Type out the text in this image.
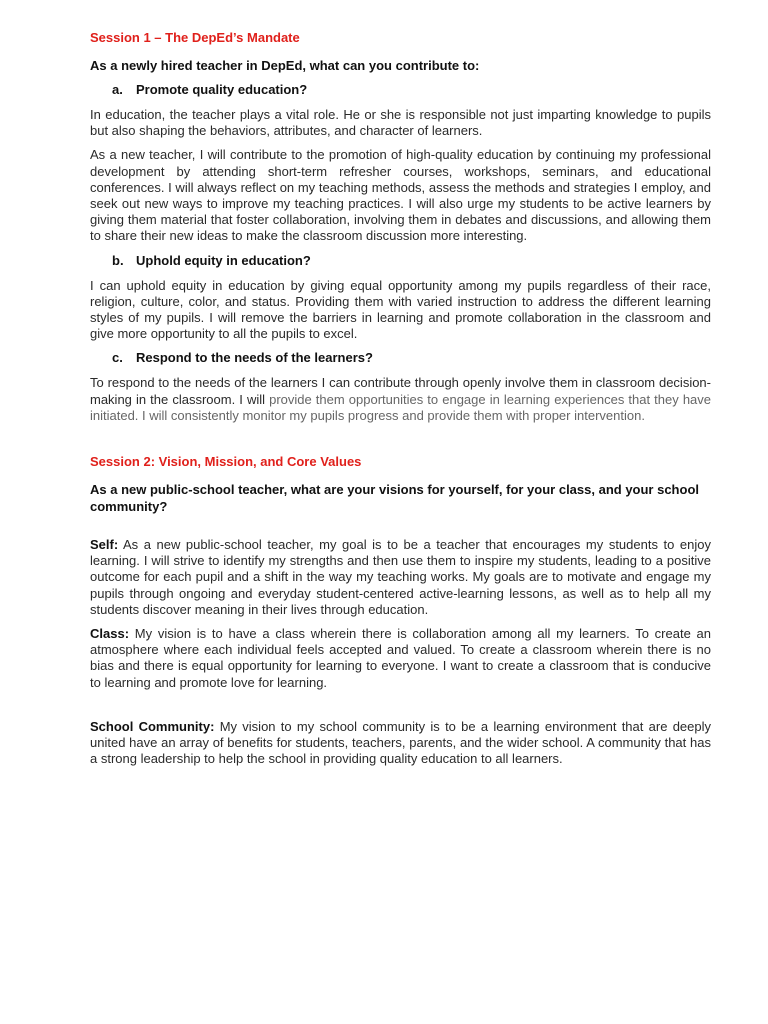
Session 1 – The DepEd’s Mandate
As a newly hired teacher in DepEd, what can you contribute to:
a. Promote quality education?

In education, the teacher plays a vital role. He or she is responsible not just imparting knowledge to pupils but also shaping the behaviors, attributes, and character of learners.

As a new teacher, I will contribute to the promotion of high-quality education by continuing my professional development by attending short-term refresher courses, workshops, seminars, and educational conferences. I will always reflect on my teaching methods, assess the methods and strategies I employ, and seek out new ways to improve my teaching practices. I will also urge my students to be active learners by giving them material that foster collaboration, involving them in debates and discussions, and allowing them to share their new ideas to make the classroom discussion more interesting.

b. Uphold equity in education?

I can uphold equity in education by giving equal opportunity among my pupils regardless of their race, religion, culture, color, and status. Providing them with varied instruction to address the different learning styles of my pupils. I will remove the barriers in learning and promote collaboration in the classroom and give more opportunity to all the pupils to excel.

c. Respond to the needs of the learners?

To respond to the needs of the learners I can contribute through openly involve them in classroom decision-making in the classroom. I will provide them opportunities to engage in learning experiences that they have initiated. I will consistently monitor my pupils progress and provide them with proper intervention.

Session 2: Vision, Mission, and Core Values
As a new public-school teacher, what are your visions for yourself, for your class, and your school community?

Self: As a new public-school teacher, my goal is to be a teacher that encourages my students to enjoy learning. I will strive to identify my strengths and then use them to inspire my students, leading to a positive outcome for each pupil and a shift in the way my teaching works. My goals are to motivate and engage my pupils through ongoing and everyday student-centered active-learning lessons, as well as to help all my students discover meaning in their lives through education.

Class: My vision is to have a class wherein there is collaboration among all my learners. To create an atmosphere where each individual feels accepted and valued. To create a classroom wherein there is no bias and there is equal opportunity for learning to everyone. I want to create a classroom that is conducive to learning and promote love for learning.

School Community: My vision to my school community is to be a learning environment that are deeply united have an array of benefits for students, teachers, parents, and the wider school. A community that has a strong leadership to help the school in providing quality education to all learners.
